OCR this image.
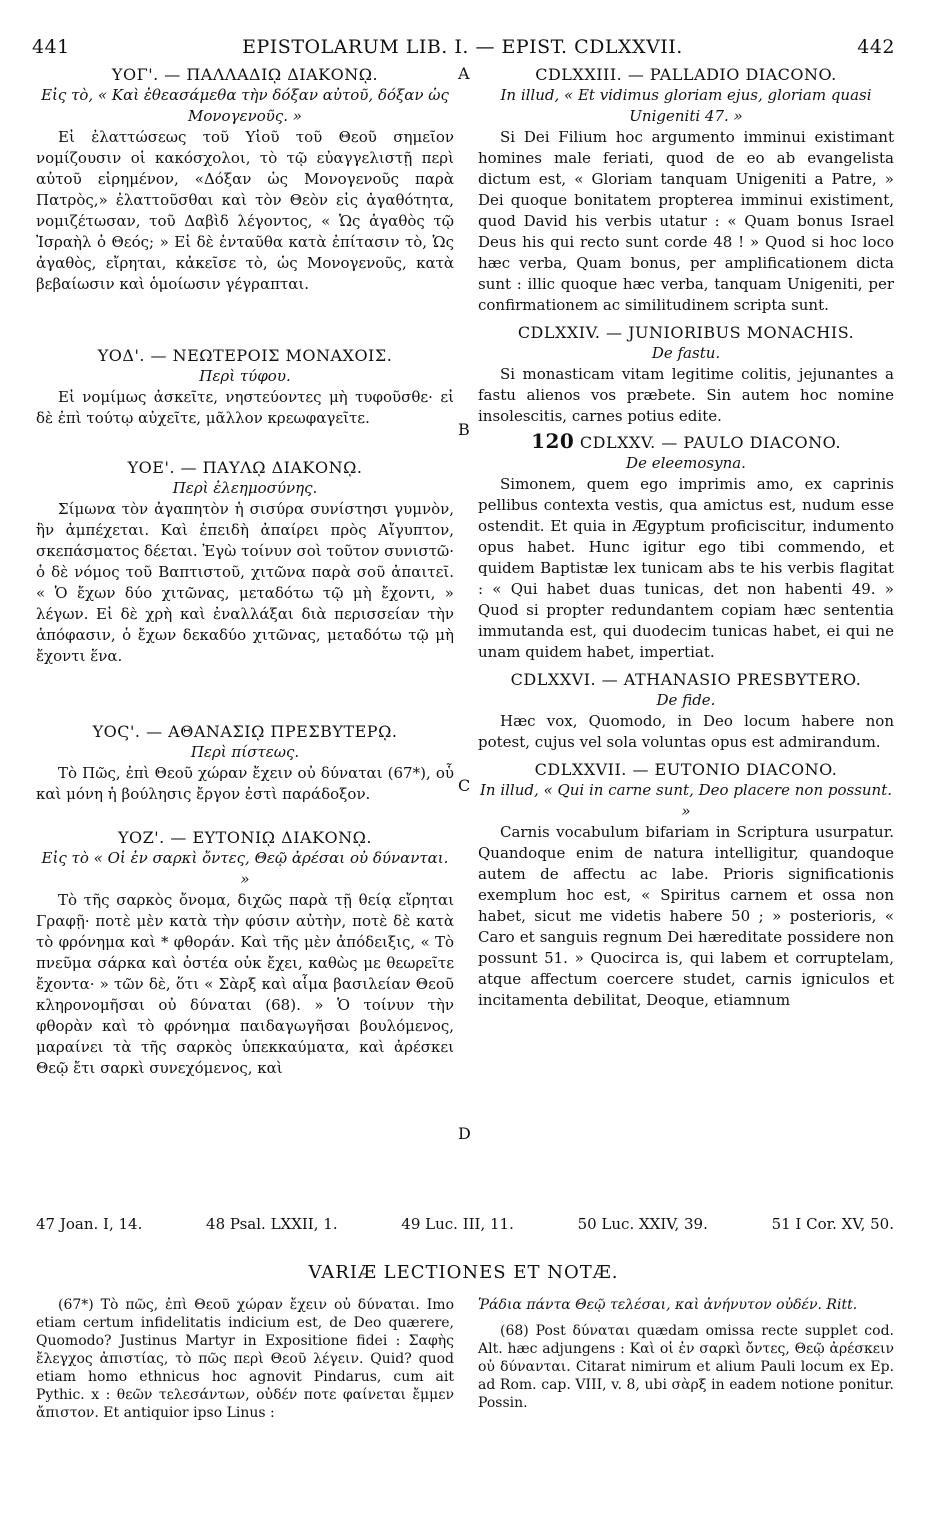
441	EPISTOLARUM LIB. I. — EPIST. CDLXXVII.	442
A
B
C
D
ΥΟΓ'. — ΠΑΛΛΑΔΙῼ ΔΙΑΚΟΝῼ.
Εἰς τὸ, « Καὶ ἐθεασάμεθα τὴν δόξαν αὐτοῦ, δόξαν ὡς Μονογενοῦς. »

Εἰ ἐλαττώσεως τοῦ Υἱοῦ τοῦ Θεοῦ σημεῖον νομίζουσιν οἱ κακόσχολοι, τὸ τῷ εὐαγγελιστῇ περὶ αὐτοῦ εἰρημένον, «Δόξαν ὡς Μονογενοῦς παρὰ Πατρὸς,» ἐλαττοῦσθαι καὶ τὸν Θεὸν εἰς ἀγαθότητα, νομιζέτωσαν, τοῦ Δαβὶδ λέγοντος, « Ὡς ἀγαθὸς τῷ Ἰσραὴλ ὁ Θεός; » Εἰ δὲ ἐνταῦθα κατὰ ἐπίτασιν τὸ, Ὡς ἀγαθὸς, εἴρηται, κἀκεῖσε τὸ, ὡς Μονογενοῦς, κατὰ βεβαίωσιν καὶ ὁμοίωσιν γέγραπται.

ΥΟΔ'. — ΝΕΩΤΕΡΟΙΣ ΜΟΝΑΧΟΙΣ.
Περὶ τύφου.

Εἰ νομίμως ἀσκεῖτε, νηστεύοντες μὴ τυφοῦσθε· εἰ δὲ ἐπὶ τούτῳ αὐχεῖτε, μᾶλλον κρεωφαγεῖτε.

ΥΟΕ'. — ΠΑΥΛῼ ΔΙΑΚΟΝῼ.
Περὶ ἐλεημοσύνης.

Σίμωνα τὸν ἀγαπητὸν ἡ σισύρα συνίστησι γυμνὸν, ἣν ἀμπέχεται. Καὶ ἐπειδὴ ἀπαίρει πρὸς Αἴγυπτον, σκεπάσματος δέεται. Ἐγὼ τοίνυν σοὶ τοῦτον συνιστῶ· ὁ δὲ νόμος τοῦ Βαπτιστοῦ, χιτῶνα παρὰ σοῦ ἀπαιτεῖ. « Ὁ ἔχων δύο χιτῶνας, μεταδότω τῷ μὴ ἔχοντι, » λέγων. Εἰ δὲ χρὴ καὶ ἐναλλάξαι διὰ περισσείαν τὴν ἀπόφασιν, ὁ ἔχων δεκαδύο χιτῶνας, μεταδότω τῷ μὴ ἔχοντι ἕνα.

ΥΟϚ'. — ΑΘΑΝΑΣΙῼ ΠΡΕΣΒΥΤΕΡῼ.
Περὶ πίστεως.

Τὸ Πῶς, ἐπὶ Θεοῦ χώραν ἔχειν οὐ δύναται (67*), οὗ καὶ μόνη ἡ βούλησις ἔργον ἐστὶ παράδοξον.

ΥΟΖ'. — ΕΥΤΟΝΙῼ ΔΙΑΚΟΝῼ.
Εἰς τὸ « Οἱ ἐν σαρκὶ ὄντες, Θεῷ ἀρέσαι οὐ δύνανται. »

Τὸ τῆς σαρκὸς ὄνομα, διχῶς παρὰ τῇ θείᾳ εἴρηται Γραφῇ· ποτὲ μὲν κατὰ τὴν φύσιν αὐτὴν, ποτὲ δὲ κατὰ τὸ φρόνημα καὶ * φθοράν. Καὶ τῆς μὲν ἀπόδειξις, « Τὸ πνεῦμα σάρκα καὶ ὀστέα οὐκ ἔχει, καθὼς με θεωρεῖτε ἔχοντα· » τῶν δὲ, ὅτι « Σὰρξ καὶ αἷμα βασιλείαν Θεοῦ κληρονομῆσαι οὐ δύναται (68). » Ὁ τοίνυν τὴν φθορὰν καὶ τὸ φρόνημα παιδαγωγῆσαι βουλόμενος, μαραίνει τὰ τῆς σαρκὸς ὑπεκκαύματα, καὶ ἀρέσκει Θεῷ ἔτι σαρκὶ συνεχόμενος, καὶ

CDLXXIII. — PALLADIO DIACONO.
In illud, « Et vidimus gloriam ejus, gloriam quasi Unigeniti 47. »

Si Dei Filium hoc argumento imminui existimant homines male feriati, quod de eo ab evangelista dictum est, « Gloriam tanquam Unigeniti a Patre, » Dei quoque bonitatem propterea imminui existiment, quod David his verbis utatur : « Quam bonus Israel Deus his qui recto sunt corde 48 ! » Quod si hoc loco hæc verba, Quam bonus, per amplificationem dicta sunt : illic quoque hæc verba, tanquam Unigeniti, per confirmationem ac similitudinem scripta sunt.

CDLXXIV. — JUNIORIBUS MONACHIS.
De fastu.

Si monasticam vitam legitime colitis, jejunantes a fastu alienos vos præbete. Sin autem hoc nomine insolescitis, carnes potius edite.

120 CDLXXV. — PAULO DIACONO.
De eleemosyna.

Simonem, quem ego imprimis amo, ex caprinis pellibus contexta vestis, qua amictus est, nudum esse ostendit. Et quia in Ægyptum proficiscitur, indumento opus habet. Hunc igitur ego tibi commendo, et quidem Baptistæ lex tunicam abs te his verbis flagitat : « Qui habet duas tunicas, det non habenti 49. » Quod si propter redundantem copiam hæc sententia immutanda est, qui duodecim tunicas habet, ei qui ne unam quidem habet, impertiat.

CDLXXVI. — ATHANASIO PRESBYTERO.
De fide.

Hæc vox, Quomodo, in Deo locum habere non potest, cujus vel sola voluntas opus est admirandum.

CDLXXVII. — EUTONIO DIACONO.
In illud, « Qui in carne sunt, Deo placere non possunt. »

Carnis vocabulum bifariam in Scriptura usurpatur. Quandoque enim de natura intelligitur, quandoque autem de affectu ac labe. Prioris significationis exemplum hoc est, « Spiritus carnem et ossa non habet, sicut me videtis habere 50 ; » posterioris, « Caro et sanguis regnum Dei hæreditate possidere non possunt 51. » Quocirca is, qui labem et corruptelam, atque affectum coercere studet, carnis igniculos et incitamenta debilitat, Deoque, etiamnum

47 Joan. I, 14.	48 Psal. LXXII, 1.	49 Luc. III, 11.	50 Luc. XXIV, 39.	51 I Cor. XV, 50.
VARIÆ LECTIONES ET NOTÆ.

(67*) Τὸ πῶς, ἐπὶ Θεοῦ χώραν ἔχειν οὐ δύναται. Imo etiam certum infidelitatis indicium est, de Deo quærere, Quomodo? Justinus Martyr in Expositione fidei : Σαφὴς ἔλεγχος ἀπιστίας, τὸ πῶς περὶ Θεοῦ λέγειν. Quid? quod etiam homo ethnicus hoc agnovit Pindarus, cum ait Pythic. x : θεῶν τελεσάντων, οὐδέν ποτε φαίνεται ἔμμεν ἄπιστον. Et antiquior ipso Linus :

Ῥάδια πάντα Θεῷ τελέσαι, καὶ ἀνήνυτον οὐδέν. Ritt.

(68) Post δύναται quædam omissa recte supplet cod. Alt. hæc adjungens : Καὶ οἱ ἐν σαρκὶ ὄντες, Θεῷ ἀρέσκειν οὐ δύνανται. Citarat nimirum et alium Pauli locum ex Ep. ad Rom. cap. VIII, v. 8, ubi σὰρξ in eadem notione ponitur. Possin.
